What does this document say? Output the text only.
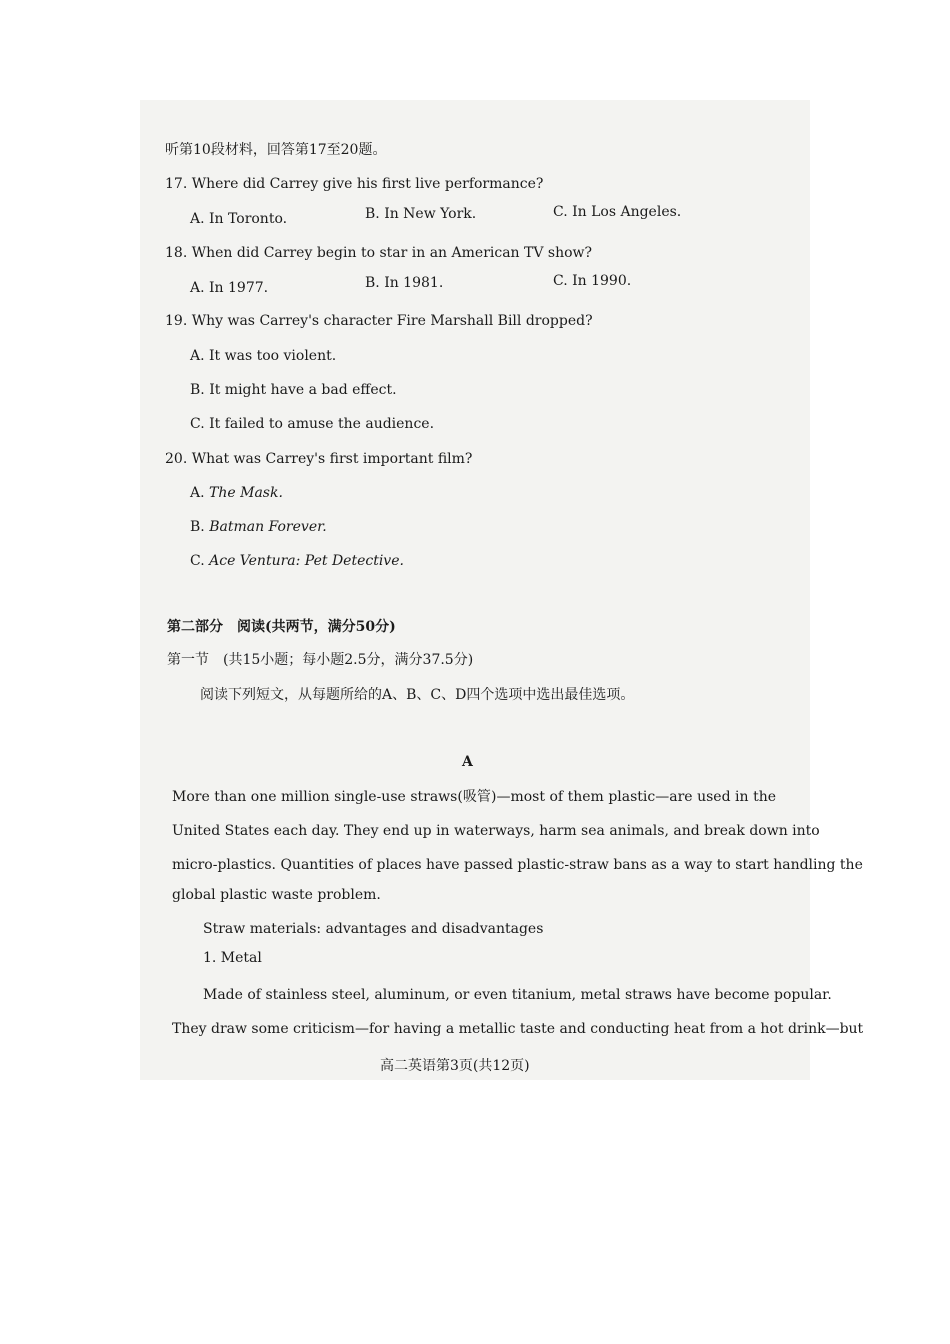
听第10段材料，回答第17至20题。
17. Where did Carrey give his first live performance?
A. In Toronto.	B. In New York.	C. In Los Angeles.
18. When did Carrey begin to star in an American TV show?
A. In 1977.	B. In 1981.	C. In 1990.
19. Why was Carrey's character Fire Marshall Bill dropped?
A. It was too violent.
B. It might have a bad effect.
C. It failed to amuse the audience.
20. What was Carrey's first important film?
A. The Mask.
B. Batman Forever.
C. Ace Ventura: Pet Detective.
第二部分　阅读(共两节，满分50分)
第一节　(共15小题；每小题2.5分，满分37.5分)
阅读下列短文，从每题所给的A、B、C、D四个选项中选出最佳选项。
A
More than one million single-use straws(吸管)—most of them plastic—are used in the
United States each day. They end up in waterways, harm sea animals, and break down into
micro-plastics. Quantities of places have passed plastic-straw bans as a way to start handling the
global plastic waste problem.
Straw materials: advantages and disadvantages
1. Metal
Made of stainless steel, aluminum, or even titanium, metal straws have become popular.
They draw some criticism—for having a metallic taste and conducting heat from a hot drink—but
高二英语第3页(共12页)
